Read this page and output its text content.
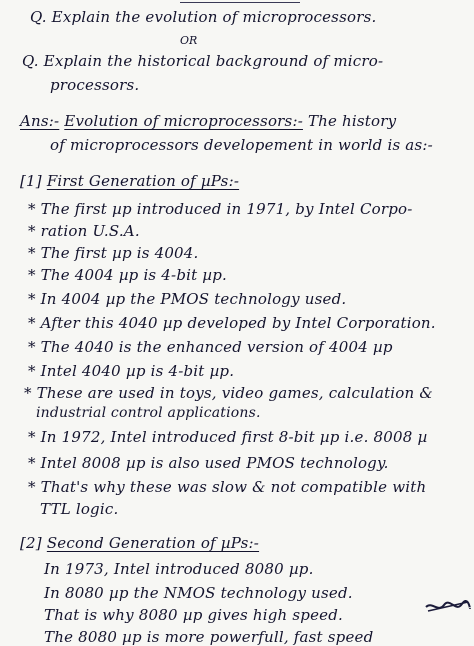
Q. Explain the evolution of microprocessors.
OR
Q. Explain the historical background of micro-
processors.
Ans:- Evolution of microprocessors:- The history
of microprocessors developement in world is as:-
[1] First Generation of µPs:-
* The first µp introduced in 1971, by Intel Corpo-
* ration U.S.A.
* The first µp is 4004.
* The 4004 µp is 4-bit µp.
* In 4004 µp the PMOS technology used.
* After this 4040 µp developed by Intel Corporation.
* The 4040 is the enhanced version of 4004 µp
* Intel 4040 µp is 4-bit µp.
* These are used in toys, video games, calculation &
industrial control applications.
* In 1972, Intel introduced first 8-bit µp i.e. 8008 µ
* Intel 8008 µp is also used PMOS technology.
* That's why these was slow & not compatible with
TTL logic.
[2] Second Generation of µPs:-
In 1973, Intel introduced 8080 µp.
In 8080 µp the NMOS technology used.
That is why 8080 µp gives high speed.
The 8080 µp is more powerfull, fast speed
